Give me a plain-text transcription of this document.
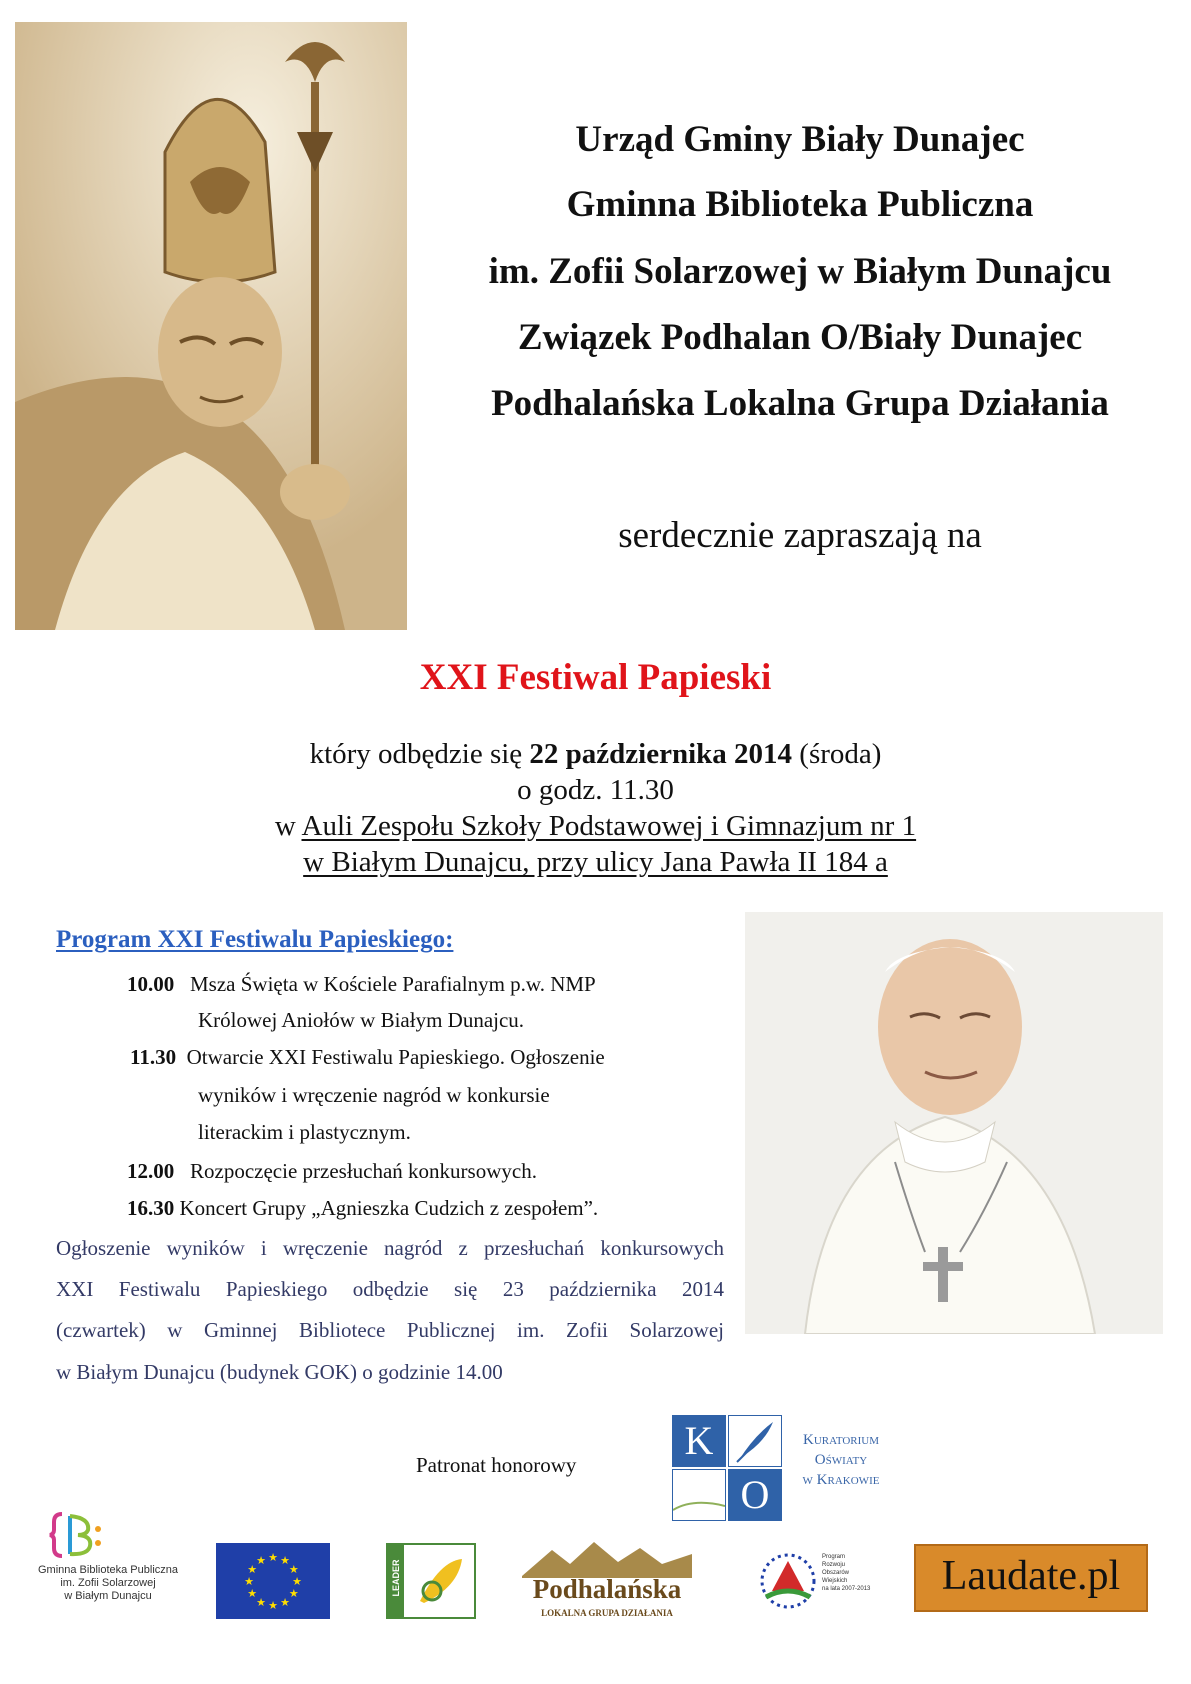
Urząd Gminy Biały Dunajec
Gminna Biblioteka Publiczna
im. Zofii Solarzowej w Białym Dunajcu
Związek Podhalan O/Biały Dunajec
Podhalańska Lokalna Grupa Działania
serdecznie zapraszają na
XXI Festiwal Papieski
który odbędzie się 22 października 2014 (środa)
o godz. 11.30
w Auli Zespołu Szkoły Podstawowej i Gimnazjum nr 1
w Białym Dunajcu, przy ulicy Jana Pawła II 184 a
Program XXI Festiwalu Papieskiego:
10.00 Msza Święta w Kościele Parafialnym p.w. NMP
Królowej Aniołów w Białym Dunajcu.
11.30 Otwarcie XXI Festiwalu Papieskiego. Ogłoszenie
wyników i wręczenie nagród w konkursie
literackim i plastycznym.
12.00 Rozpoczęcie przesłuchań konkursowych.
16.30 Koncert Grupy „Agnieszka Cudzich z zespołem”.
Ogłoszenie wyników i wręczenie nagród z przesłuchań konkursowych
XXI Festiwalu Papieskiego odbędzie się 23 października 2014
(czwartek) w Gminnej Bibliotece Publicznej im. Zofii Solarzowej
w Białym Dunajcu (budynek GOK) o godzinie 14.00
Patronat honorowy
K
O
Kuratorium
Oświaty
w Krakowie
Gminna Biblioteka Publiczna
im. Zofii Solarzowej
w Białym Dunajcu
★
★
★
★
★
★
★
★
★ ★ ★
★	LEADER	Podhalańska
LOKALNA GRUPA DZIAŁANIA
Program
Rozwoju
Obszarów
Wiejskich
na lata 2007-2013	Laudate.pl
